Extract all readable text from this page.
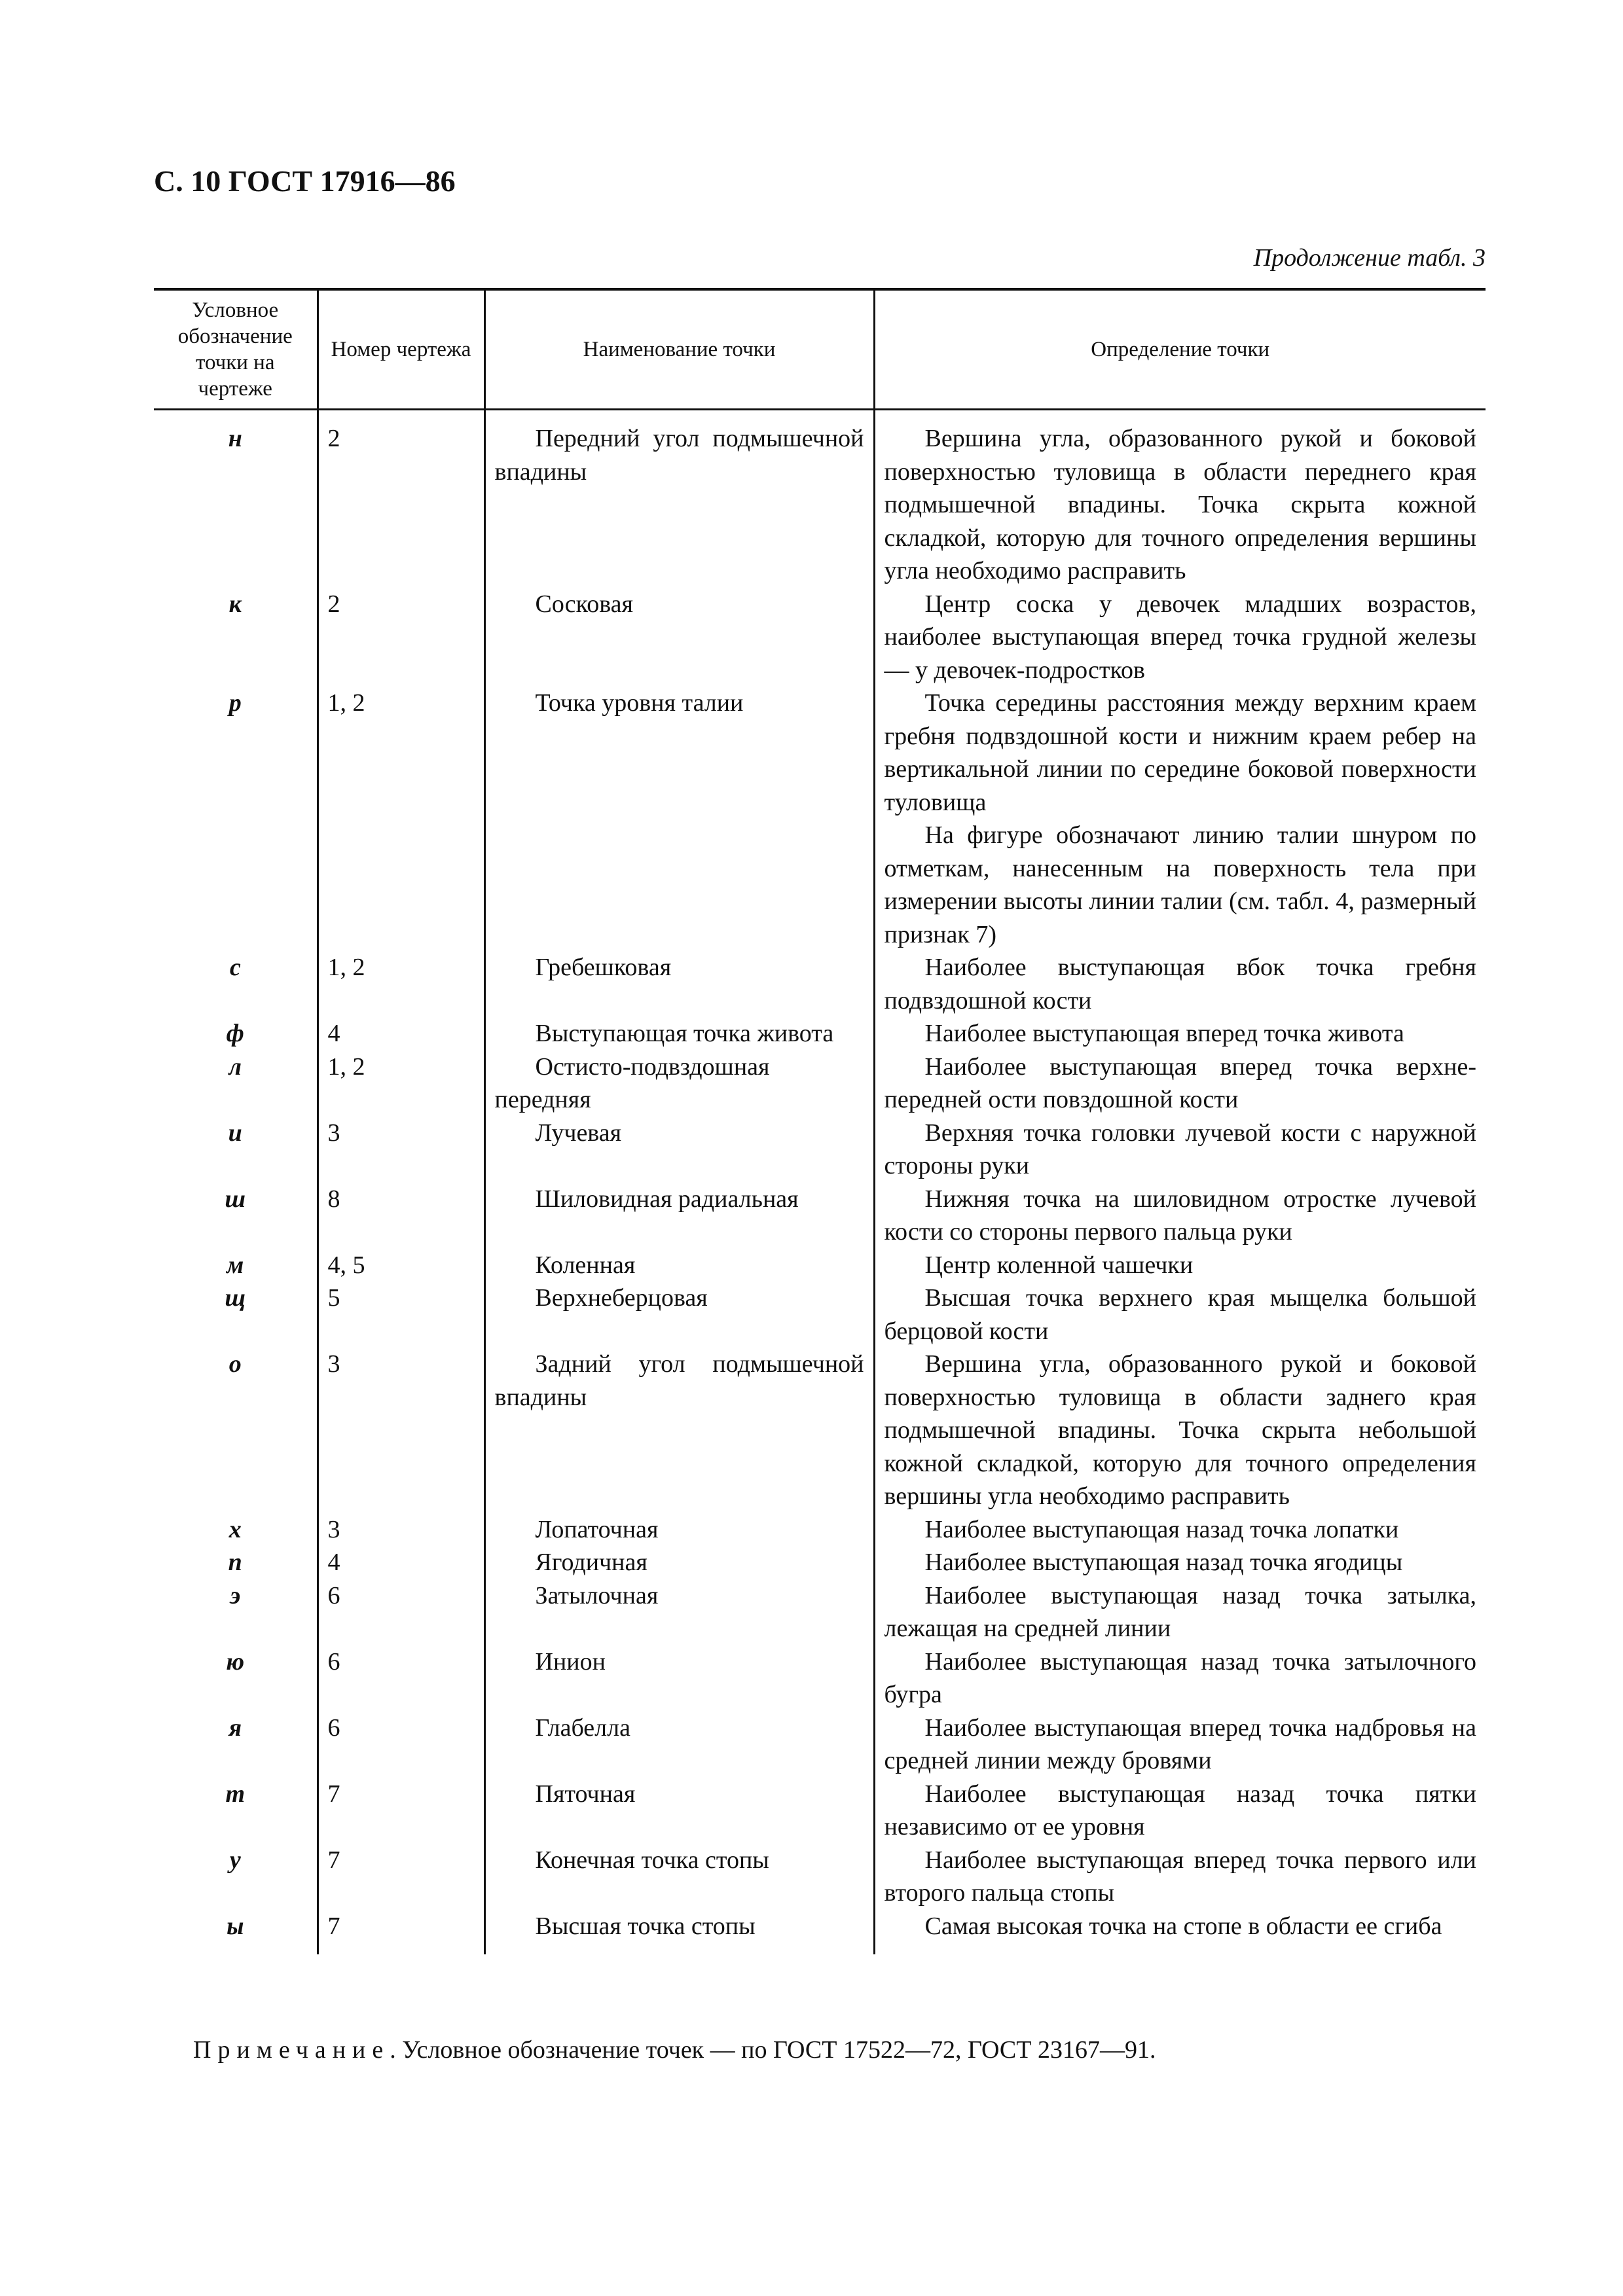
С. 10 ГОСТ 17916—86
Продолжение табл. 3
Условное обозначение точки на чертеже	Номер чертежа	Наименование точки	Определение точки
н	2	Передний угол подмышечной впадины	Вершина угла, образованного рукой и боковой поверхностью туловища в области переднего края подмышечной впадины. Точка скрыта кожной складкой, которую для точного определения вершины угла необходимо расправить

к	2	Сосковая	Центр соска у девочек младших возрастов, наиболее выступающая вперед точка грудной железы — у девочек-подростков

р	1, 2	Точка уровня талии	Точка середины расстояния между верхним краем гребня подвздошной кости и нижним краем ребер на вертикальной линии по середине боковой поверхности туловища
На фигуре обозначают линию талии шнуром по отметкам, нанесенным на поверхность тела при измерении высоты линии талии (см. табл. 4, размерный признак 7)

с	1, 2	Гребешковая	Наиболее выступающая вбок точка гребня подвздошной кости

ф	4	Выступающая точка живота	Наиболее выступающая вперед точка живота

л	1, 2	Остисто-подвздошная передняя	Наиболее выступающая вперед точка верхне-передней ости повздошной кости

и	3	Лучевая	Верхняя точка головки лучевой кости с наружной стороны руки

ш	8	Шиловидная радиальная	Нижняя точка на шиловидном отростке лучевой кости со стороны первого пальца руки

м	4, 5	Коленная	Центр коленной чашечки

щ	5	Верхнеберцовая	Высшая точка верхнего края мыщелка большой берцовой кости

о	3	Задний угол подмышечной впадины	Вершина угла, образованного рукой и боковой поверхностью туловища в области заднего края подмышечной впадины. Точка скрыта небольшой кожной складкой, которую для точного определения вершины угла необходимо расправить

х	3	Лопаточная	Наиболее выступающая назад точка лопатки

п	4	Ягодичная	Наиболее выступающая назад точка ягодицы

э	6	Затылочная	Наиболее выступающая назад точка затылка, лежащая на средней линии

ю	6	Инион	Наиболее выступающая назад точка затылочного бугра

я	6	Глабелла	Наиболее выступающая вперед точка надбровья на средней линии между бровями

т	7	Пяточная	Наиболее выступающая назад точка пятки независимо от ее уровня

у	7	Конечная точка стопы	Наиболее выступающая вперед точка первого или второго пальца стопы

ы	7	Высшая точка стопы	Самая высокая точка на стопе в области ее сгиба
Примечание. Условное обозначение точек — по ГОСТ 17522—72, ГОСТ 23167—91.
